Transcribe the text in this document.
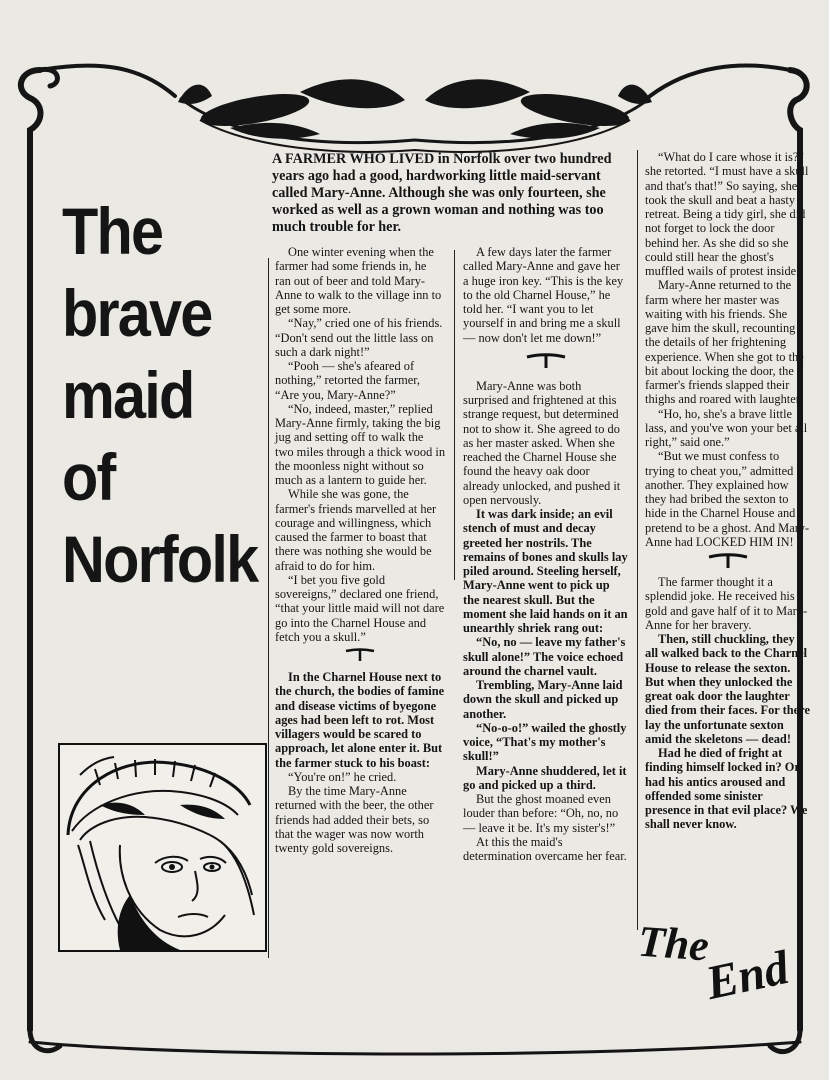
The
brave
maid
of
Norfolk
A FARMER WHO LIVED in Norfolk over two hundred years ago had a good, hardworking little maid-servant called Mary-Anne. Although she was only fourteen, she worked as well as a grown woman and nothing was too much trouble for her.

One winter evening when the farmer had some friends in, he ran out of beer and told Mary-Anne to walk to the village inn to get some more.

“Nay,” cried one of his friends. “Don't send out the little lass on such a dark night!”

“Pooh — she's afeared of nothing,” retorted the farmer, “Are you, Mary-Anne?”

“No, indeed, master,” replied Mary-Anne firmly, taking the big jug and setting off to walk the two miles through a thick wood in the moonless night without so much as a lantern to guide her.

While she was gone, the farmer's friends marvelled at her courage and willingness, which caused the farmer to boast that there was nothing she would be afraid to do for him.

“I bet you five gold sovereigns,” declared one friend, “that your little maid will not dare go into the Charnel House and fetch you a skull.”

In the Charnel House next to the church, the bodies of famine and disease victims of byegone ages had been left to rot. Most villagers would be scared to approach, let alone enter it. But the farmer stuck to his boast:

“You're on!” he cried.

By the time Mary-Anne returned with the beer, the other friends had added their bets, so that the wager was now worth twenty gold sovereigns.

A few days later the farmer called Mary-Anne and gave her a huge iron key. “This is the key to the old Charnel House,” he told her. “I want you to let yourself in and bring me a skull — now don't let me down!”

Mary-Anne was both surprised and frightened at this strange request, but determined not to show it. She agreed to do as her master asked. When she reached the Charnel House she found the heavy oak door already unlocked, and pushed it open nervously.

It was dark inside; an evil stench of must and decay greeted her nostrils. The remains of bones and skulls lay piled around. Steeling herself, Mary-Anne went to pick up the nearest skull. But the moment she laid hands on it an unearthly shriek rang out:

“No, no — leave my father's skull alone!” The voice echoed around the charnel vault.

Trembling, Mary-Anne laid down the skull and picked up another.

“No-o-o!” wailed the ghostly voice, “That's my mother's skull!”

Mary-Anne shuddered, let it go and picked up a third.

But the ghost moaned even louder than before: “Oh, no, no — leave it be. It's my sister's!”

At this the maid's determination overcame her fear.

“What do I care whose it is?” she retorted. “I must have a skull and that's that!” So saying, she took the skull and beat a hasty retreat. Being a tidy girl, she did not forget to lock the door behind her. As she did so she could still hear the ghost's muffled wails of protest inside.

Mary-Anne returned to the farm where her master was waiting with his friends. She gave him the skull, recounting the details of her frightening experience. When she got to the bit about locking the door, the farmer's friends slapped their thighs and roared with laughter.

“Ho, ho, she's a brave little lass, and you've won your bet all right,” said one.”

“But we must confess to trying to cheat you,” admitted another. They explained how they had bribed the sexton to hide in the Charnel House and pretend to be a ghost. And Mary-Anne had LOCKED HIM IN!

The farmer thought it a splendid joke. He received his gold and gave half of it to Mary-Anne for her bravery.

Then, still chuckling, they all walked back to the Charnel House to release the sexton. But when they unlocked the great oak door the laughter died from their faces. For there lay the unfortunate sexton amid the skeletons — dead!

Had he died of fright at finding himself locked in? Or had his antics aroused and offended some sinister presence in that evil place? We shall never know.

The
End
